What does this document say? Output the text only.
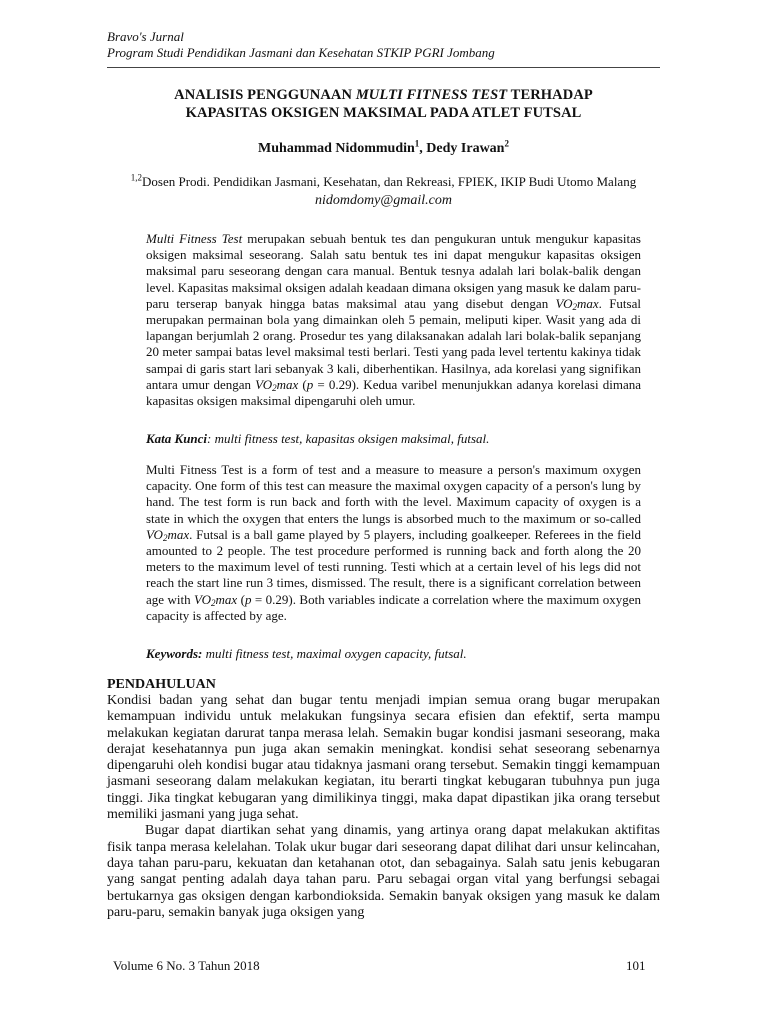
Bravo's Jurnal
Program Studi Pendidikan Jasmani dan Kesehatan STKIP PGRI Jombang
ANALISIS PENGGUNAAN MULTI FITNESS TEST TERHADAP
KAPASITAS OKSIGEN MAKSIMAL PADA ATLET FUTSAL
Muhammad Nidommudin$^1$, Dedy Irawan$^2$
$^{1,2}$Dosen Prodi. Pendidikan Jasmani, Kesehatan, dan Rekreasi, FPIEK, IKIP Budi Utomo Malang
nidomdomy@gmail.com
Multi Fitness Test merupakan sebuah bentuk tes dan pengukuran untuk mengukur kapasitas oksigen maksimal seseorang. Salah satu bentuk tes ini dapat mengukur kapasitas oksigen maksimal paru seseorang dengan cara manual. Bentuk tesnya adalah lari bolak-balik dengan level. Kapasitas maksimal oksigen adalah keadaan dimana oksigen yang masuk ke dalam paru-paru terserap banyak hingga batas maksimal atau yang disebut dengan $VO_2\max$. Futsal merupakan permainan bola yang dimainkan oleh 5 pemain, meliputi kiper. Wasit yang ada di lapangan berjumlah 2 orang. Prosedur tes yang dilaksanakan adalah lari bolak-balik sepanjang 20 meter sampai batas level maksimal testi berlari. Testi yang pada level tertentu kakinya tidak sampai di garis start lari sebanyak 3 kali, diberhentikan. Hasilnya, ada korelasi yang signifikan antara umur dengan $VO_2\max$ (p = 0.29). Kedua varibel menunjukkan adanya korelasi dimana kapasitas oksigen maksimal dipengaruhi oleh umur.
Kata Kunci: multi fitness test, kapasitas oksigen maksimal, futsal.
Multi Fitness Test is a form of test and a measure to measure a person's maximum oxygen capacity. One form of this test can measure the maximal oxygen capacity of a person's lung by hand. The test form is run back and forth with the level. Maximum capacity of oxygen is a state in which the oxygen that enters the lungs is absorbed much to the maximum or so-called $VO_2\max$. Futsal is a ball game played by 5 players, including goalkeeper. Referees in the field amounted to 2 people. The test procedure performed is running back and forth along the 20 meters to the maximum level of testi running. Testi which at a certain level of his legs did not reach the start line run 3 times, dismissed. The result, there is a significant correlation between age with $VO_2\max$ (p = 0.29). Both variables indicate a correlation where the maximum oxygen capacity is affected by age.
Keywords: multi fitness test, maximal oxygen capacity, futsal.
PENDAHULUAN

Kondisi badan yang sehat dan bugar tentu menjadi impian semua orang bugar merupakan kemampuan individu untuk melakukan fungsinya secara efisien dan efektif, serta mampu melakukan kegiatan darurat tanpa merasa lelah. Semakin bugar kondisi jasmani seseorang, maka derajat kesehatannya pun juga akan semakin meningkat. kondisi sehat seseorang sebenarnya dipengaruhi oleh kondisi bugar atau tidaknya jasmani orang tersebut. Semakin tinggi kemampuan jasmani seseorang dalam melakukan kegiatan, itu berarti tingkat kebugaran tubuhnya pun juga tinggi. Jika tingkat kebugaran yang dimilikinya tinggi, maka dapat dipastikan jika orang tersebut memiliki jasmani yang juga sehat.

Bugar dapat diartikan sehat yang dinamis, yang artinya orang dapat melakukan aktifitas fisik tanpa merasa kelelahan. Tolak ukur bugar dari seseorang dapat dilihat dari unsur kelincahan, daya tahan paru-paru, kekuatan dan ketahanan otot, dan sebagainya. Salah satu jenis kebugaran yang sangat penting adalah daya tahan paru. Paru sebagai organ vital yang berfungsi sebagai bertukarnya gas oksigen dengan karbondioksida. Semakin banyak oksigen yang masuk ke dalam paru-paru, semakin banyak juga oksigen yang

Volume 6 No. 3 Tahun 2018	101
